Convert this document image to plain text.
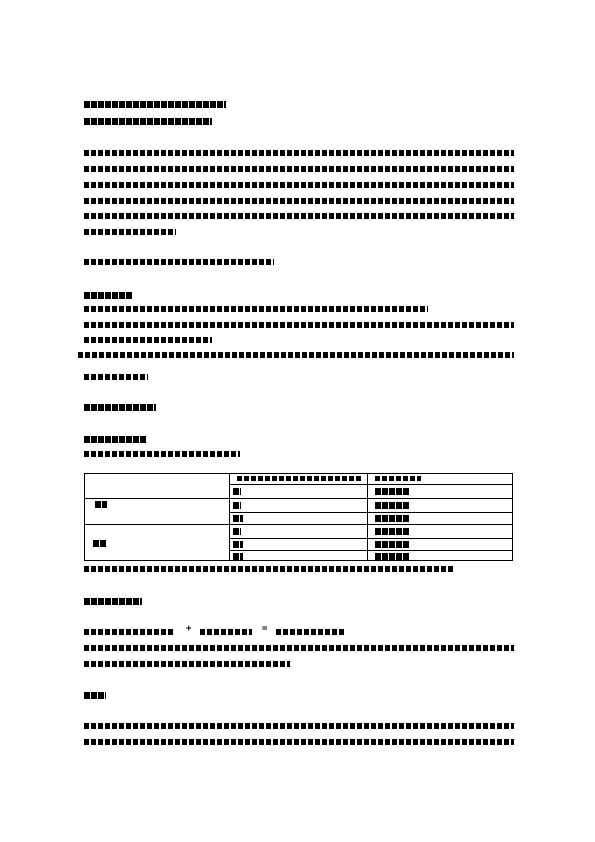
+	=
